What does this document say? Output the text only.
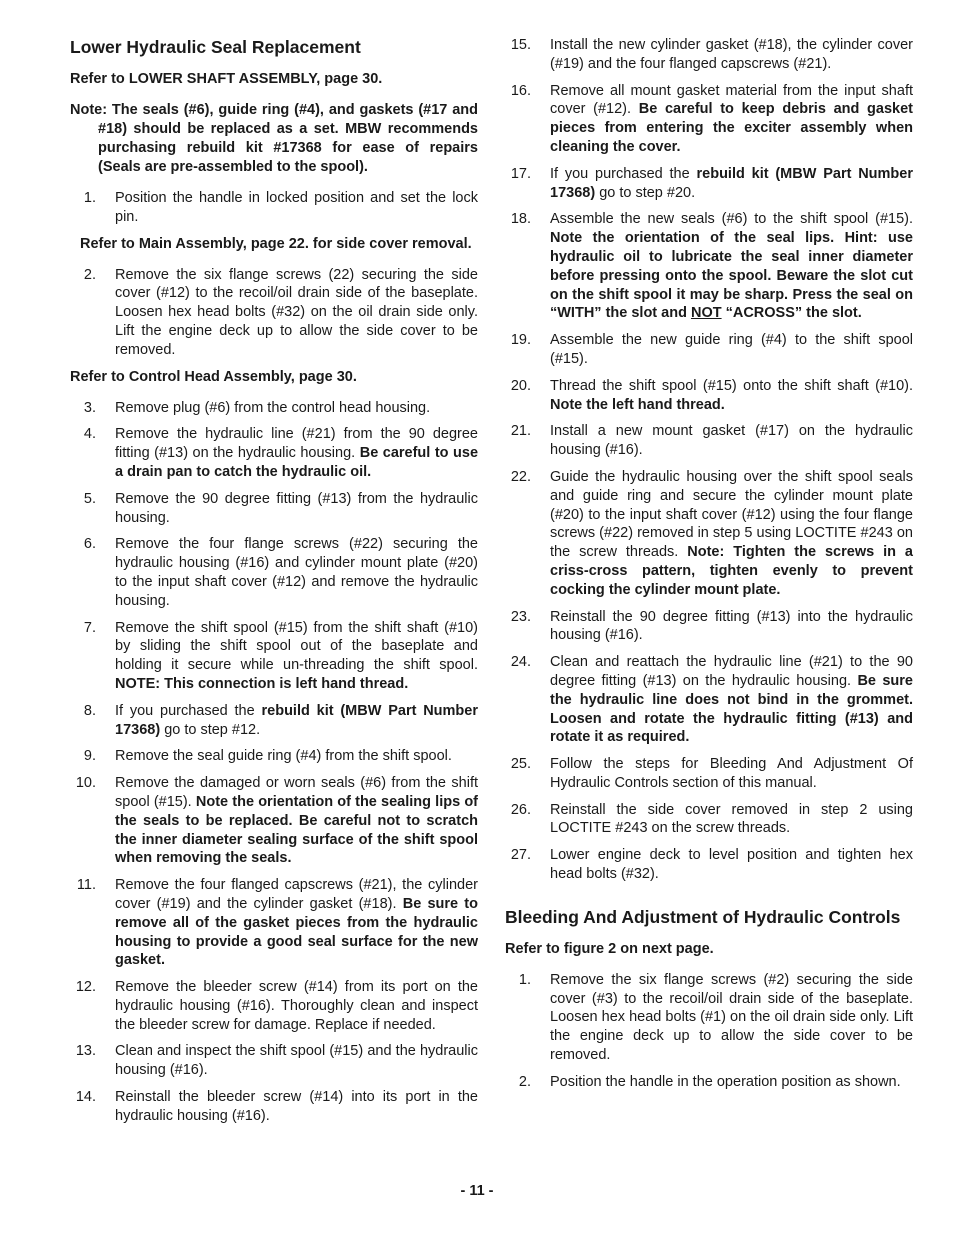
Lower Hydraulic Seal Replacement
Refer to LOWER SHAFT ASSEMBLY, page 30.
Note: The seals (#6), guide ring (#4), and gaskets (#17 and #18) should be replaced as a set. MBW recommends purchasing rebuild kit #17368 for ease of repairs (Seals are pre-assembled to the spool).
1. Position the handle in locked position and set the lock pin.
Refer to Main Assembly, page 22. for side cover removal.
2. Remove the six flange screws (22) securing the side cover (#12) to the recoil/oil drain side of the baseplate. Loosen hex head bolts (#32) on the oil drain side only. Lift the engine deck up to allow the side cover to be removed.
Refer to Control Head Assembly, page 30.
3. Remove plug (#6) from the control head housing.
4. Remove the hydraulic line (#21) from the 90 degree fitting (#13) on the hydraulic housing. Be careful to use a drain pan to catch the hydraulic oil.
5. Remove the 90 degree fitting (#13) from the hydraulic housing.
6. Remove the four flange screws (#22) securing the hydraulic housing (#16) and cylinder mount plate (#20) to the input shaft cover (#12) and remove the hydraulic housing.
7. Remove the shift spool (#15) from the shift shaft (#10) by sliding the shift spool out of the baseplate and holding it secure while un-threading the shift spool. NOTE: This connection is left hand thread.
8. If you purchased the rebuild kit (MBW Part Number 17368) go to step #12.
9. Remove the seal guide ring (#4) from the shift spool.
10. Remove the damaged or worn seals (#6) from the shift spool (#15). Note the orientation of the sealing lips of the seals to be replaced. Be careful not to scratch the inner diameter sealing surface of the shift spool when removing the seals.
11. Remove the four flanged capscrews (#21), the cylinder cover (#19) and the cylinder gasket (#18). Be sure to remove all of the gasket pieces from the hydraulic housing to provide a good seal surface for the new gasket.
12. Remove the bleeder screw (#14) from its port on the hydraulic housing (#16). Thoroughly clean and inspect the bleeder screw for damage. Replace if needed.
13. Clean and inspect the shift spool (#15) and the hydraulic housing (#16).
14. Reinstall the bleeder screw (#14) into its port in the hydraulic housing (#16).
15. Install the new cylinder gasket (#18), the cylinder cover (#19) and the four flanged capscrews (#21).
16. Remove all mount gasket material from the input shaft cover (#12). Be careful to keep debris and gasket pieces from entering the exciter assembly when cleaning the cover.
17. If you purchased the rebuild kit (MBW Part Number 17368) go to step #20.
18. Assemble the new seals (#6) to the shift spool (#15). Note the orientation of the seal lips. Hint: use hydraulic oil to lubricate the seal inner diameter before pressing onto the spool. Beware the slot cut on the shift spool it may be sharp. Press the seal on “WITH” the slot and NOT “ACROSS” the slot.
19. Assemble the new guide ring (#4) to the shift spool (#15).
20. Thread the shift spool (#15) onto the shift shaft (#10). Note the left hand thread.
21. Install a new mount gasket (#17) on the hydraulic housing (#16).
22. Guide the hydraulic housing over the shift spool seals and guide ring and secure the cylinder mount plate (#20) to the input shaft cover (#12) using the four flange screws (#22) removed in step 5 using LOCTITE #243 on the screw threads. Note: Tighten the screws in a criss-cross pattern, tighten evenly to prevent cocking the cylinder mount plate.
23. Reinstall the 90 degree fitting (#13) into the hydraulic housing (#16).
24. Clean and reattach the hydraulic line (#21) to the 90 degree fitting (#13) on the hydraulic housing. Be sure the hydraulic line does not bind in the grommet. Loosen and rotate the hydraulic fitting (#13) and rotate it as required.
25. Follow the steps for Bleeding And Adjustment Of Hydraulic Controls section of this manual.
26. Reinstall the side cover removed in step 2 using LOCTITE #243 on the screw threads.
27. Lower engine deck to level position and tighten hex head bolts (#32).
Bleeding And Adjustment of Hydraulic Controls
Refer to figure 2 on next page.
1. Remove the six flange screws (#2) securing the side cover (#3) to the recoil/oil drain side of the baseplate. Loosen hex head bolts (#1) on the oil drain side only. Lift the engine deck up to allow the side cover to be removed.
2. Position the handle in the operation position as shown.
- 11 -
